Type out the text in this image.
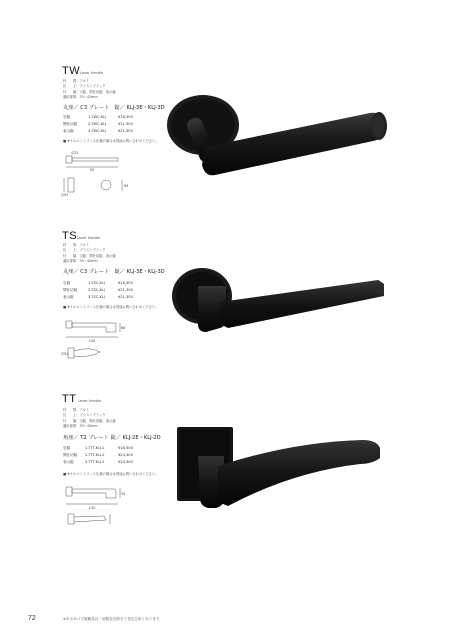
TW Lever Handle
材　　質：アルミ
仕　　上：ブラストブラック
付　　属：空錠、間仕切錠、表示錠
適用扉厚：33～42mm
丸座／ C3 プレート　錠／ KLJ-3E・KLJ-3D
空錠	1-TWC-KLJ	¥16,300
間仕切錠	2-TWC-KLJ	¥21,300
表示錠	3-TWC-KLJ	¥21,300
■ ※ケルエントランス仕様の場合は別途お問い合わせください。
50
64
∅22
∅52
TS Lever Handle
材　　質：アルミ
仕　　上：ブラストブラック
付　　属：空錠、間仕切錠、表示錠
適用扉厚：33～42mm
丸座／ C3 プレート　錠／ KLJ-3E・KLJ-3D
空錠	1-TSC-KLJ	¥16,300
間仕切錠	2-TSC-KLJ	¥21,300
表示錠	3-TSC-KLJ	¥21,300
■ ※ケルエントランス仕様の場合は別途お問い合わせください。
150
68
∅52
TT Lever Handle
材　　質：アルミ
仕　　上：ブラストブラック
付　　属：空錠、間仕切錠、表示錠
適用扉厚：33～42mm
角座／ T2 プレート 錠／ KLJ-2E・KLJ-2D
空錠	1-TTT-KLJ-2	¥16,300
間仕切錠 2-TTT-KLJ-2	¥24,300
表示錠	3-TTT-KLJ-2	¥24,300
■ ※ケルエントランス仕様の場合は別途お問い合わせください。
130
52
72	※本カタログ掲載品は一部製品を除きて受注生産となります。
